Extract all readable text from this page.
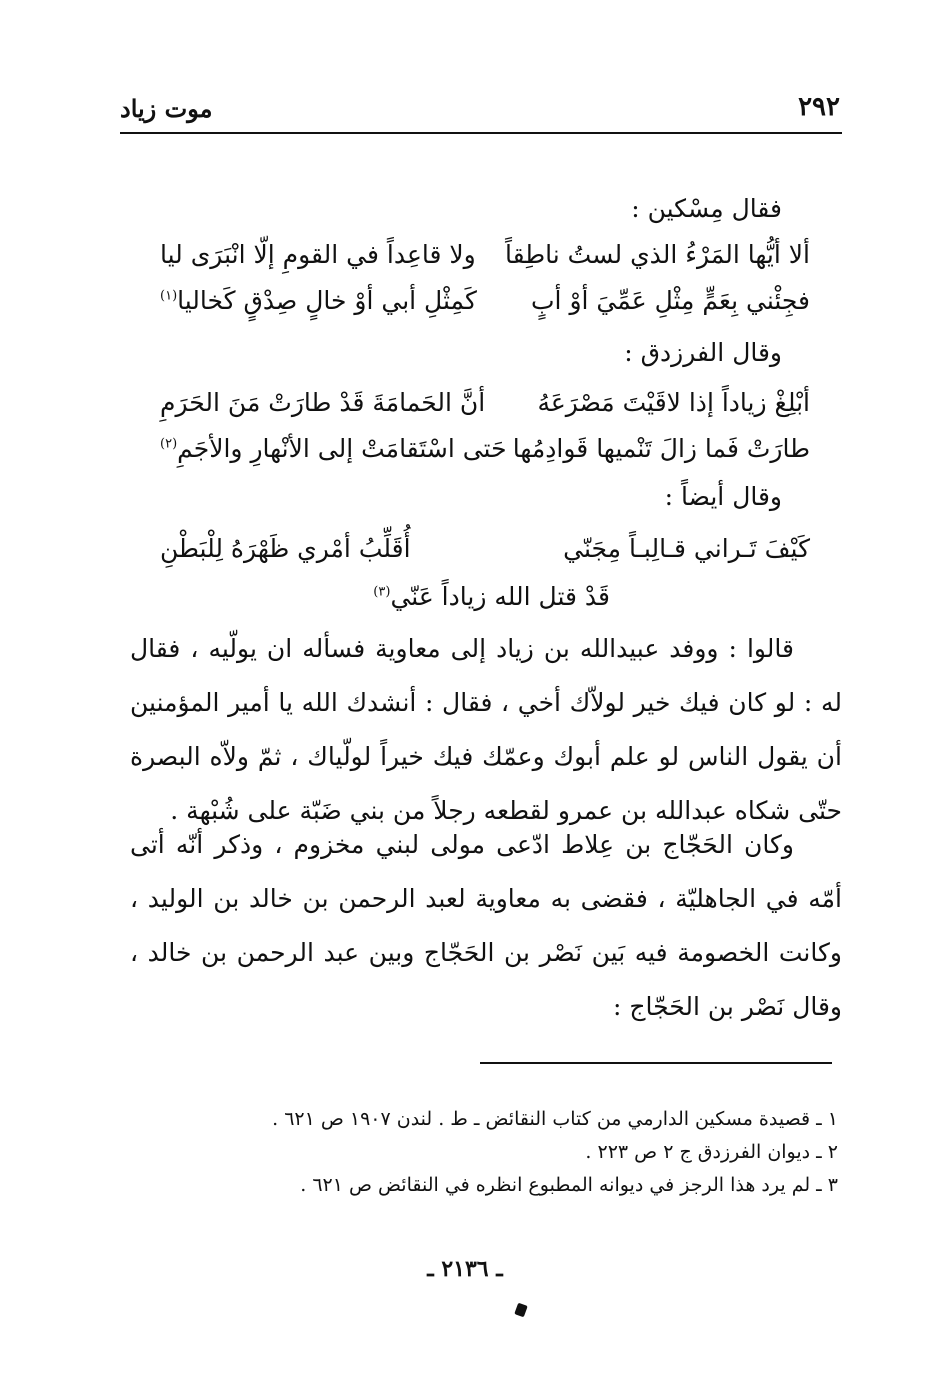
٢٩٢
موت زياد
فقال مِسْكين :
ألا أيُّها المَرْءُ الذي لستُ ناطِقاً
ولا قاعِداً في القومِ إلّا انْبَرَى ليا
فجِئْني بِعَمٍّ مِثْلِ عَمِّيَ أوْ أبٍ
كَمِثْلِ أبي أوْ خالٍ صِدْقٍ كَخاليا$^{(١)}$
وقال الفرزدق :
أبْلِغْ زياداً إذا لاقَيْتَ مَصْرَعَهُ
أنَّ الحَمامَةَ قَدْ طارَتْ مَنَ الحَرَمِ
طارَتْ فَما زالَ تَنْميها قَوادِمُها
حَتى اسْتَقامَتْ إلى الأنْهارِ والأجَمِ$^{(٢)}$
وقال أيضاً :
كَيْفَ تَـراني قـالِبـاً مِجَنّي
أُقَلِّبُ أمْري ظَهْرَهُ لِلْبَطْنِ
قَدْ قتل الله زياداً عَنّي$^{(٣)}$
قالوا : ووفد عبيدالله بن زياد إلى معاوية فسأله ان يولّيه ، فقال له : لو كان فيك خير لولاّك أخي ، فقال : أنشدك الله يا أمير المؤمنين أن يقول الناس لو علم أبوك وعمّك فيك خيراً لولّياك ، ثمّ ولاّه البصرة حتّى شكاه عبدالله بن عمرو لقطعه رجلاً من بني ضَبّة على شُبْهة .
وكان الحَجّاج بن عِلاط ادّعى مولى لبني مخزوم ، وذكر أنّه أتى أمّه في الجاهليّة ، فقضى به معاوية لعبد الرحمن بن خالد بن الوليد ، وكانت الخصومة فيه بَين نَصْر بن الحَجّاج وبين عبد الرحمن بن خالد ، وقال نَصْر بن الحَجّاج :
١ ـ قصيدة مسكين الدارمي من كتاب النقائض ـ ط . لندن ١٩٠٧ ص ٦٢١ .
٢ ـ ديوان الفرزدق ج ٢ ص ٢٢٣ .
٣ ـ لم يرد هذا الرجز في ديوانه المطبوع انظره في النقائض ص ٦٢١ .
ـ ٢١٣٦ ـ
